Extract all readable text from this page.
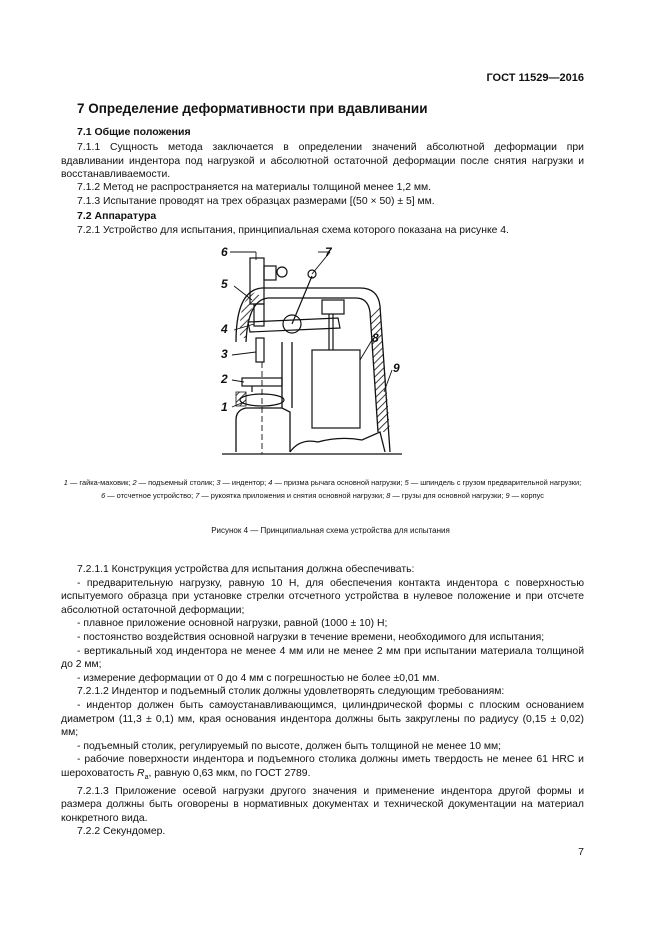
ГОСТ 11529—2016
7 Определение деформативности при вдавливании
7.1 Общие положения
7.1.1 Сущность метода заключается в определении значений абсолютной деформации при вдавливании индентора под нагрузкой и абсолютной остаточной деформации после снятия нагрузки и восстанавливаемости.
7.1.2 Метод не распространяется на материалы толщиной менее 1,2 мм.
7.1.3 Испытание проводят на трех образцах размерами [(50 × 50) ± 5] мм.
7.2 Аппаратура
7.2.1 Устройство для испытания, принципиальная схема которого показана на рисунке 4.
6
5
4
3
2
1
7
8
9
1 — гайка-маховик; 2 — подъемный столик; 3 — индентор; 4 — призма рычага основной нагрузки; 5 — шпиндель с грузом предварительной нагрузки; 6 — отсчетное устройство; 7 — рукоятка приложения и снятия основной нагрузки; 8 — грузы для основной нагрузки; 9 — корпус
Рисунок 4 — Принципиальная схема устройства для испытания

7.2.1.1 Конструкция устройства для испытания должна обеспечивать:

- предварительную нагрузку, равную 10 Н, для обеспечения контакта индентора с поверхностью испытуемого образца при установке стрелки отсчетного устройства в нулевое положение и при отсчете абсолютной остаточной деформации;

- плавное приложение основной нагрузки, равной (1000 ± 10) Н;

- постоянство воздействия основной нагрузки в течение времени, необходимого для испытания;

- вертикальный ход индентора не менее 4 мм или не менее 2 мм при испытании материала толщиной до 2 мм;

- измерение деформации от 0 до 4 мм с погрешностью не более ±0,01 мм.

7.2.1.2 Индентор и подъемный столик должны удовлетворять следующим требованиям:

- индентор должен быть самоустанавливающимся, цилиндрической формы с плоским основанием диаметром (11,3 ± 0,1) мм, края основания индентора должны быть закруглены по радиусу (0,15 ± 0,02) мм;

- подъемный столик, регулируемый по высоте, должен быть толщиной не менее 10 мм;

- рабочие поверхности индентора и подъемного столика должны иметь твердость не менее 61 HRC и шероховатость $R_a$, равную 0,63 мкм, по ГОСТ 2789.

7.2.1.3 Приложение осевой нагрузки другого значения и применение индентора другой формы и размера должны быть оговорены в нормативных документах и технической документации на материал конкретного вида.

7.2.2 Секундомер.

7
